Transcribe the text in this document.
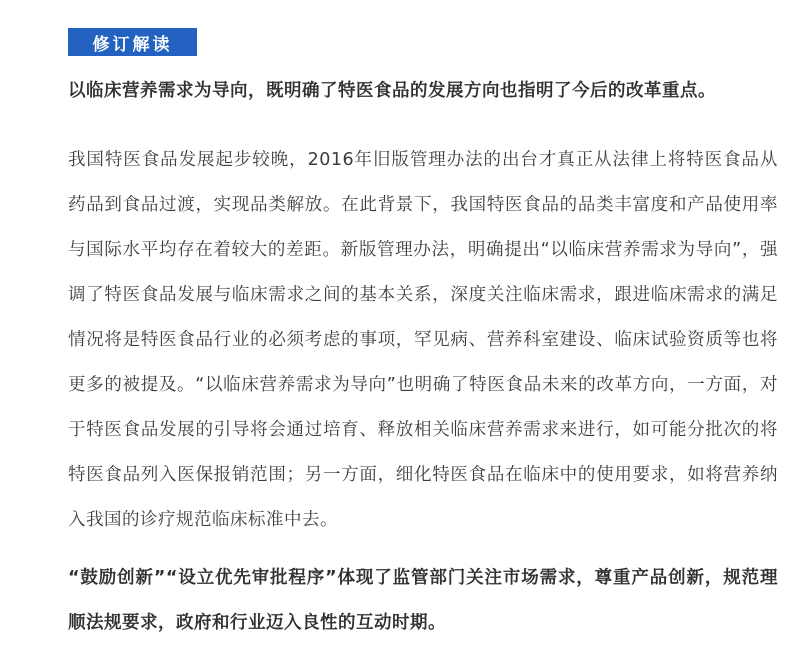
修订解读

以临床营养需求为导向，既明确了特医食品的发展方向也指明了今后的改革重点。

我国特医食品发展起步较晚，2016年旧版管理办法的出台才真正从法律上将特医食品从药品到食品过渡，实现品类解放。在此背景下，我国特医食品的品类丰富度和产品使用率与国际水平均存在着较大的差距。新版管理办法，明确提出“以临床营养需求为导向”，强调了特医食品发展与临床需求之间的基本关系，深度关注临床需求，跟进临床需求的满足情况将是特医食品行业的必须考虑的事项，罕见病、营养科室建设、临床试验资质等也将更多的被提及。“以临床营养需求为导向”也明确了特医食品未来的改革方向，一方面，对于特医食品发展的引导将会通过培育、释放相关临床营养需求来进行，如可能分批次的将特医食品列入医保报销范围；另一方面，细化特医食品在临床中的使用要求，如将营养纳入我国的诊疗规范临床标准中去。

“鼓励创新”“设立优先审批程序”体现了监管部门关注市场需求，尊重产品创新，规范理顺法规要求，政府和行业迈入良性的互动时期。
